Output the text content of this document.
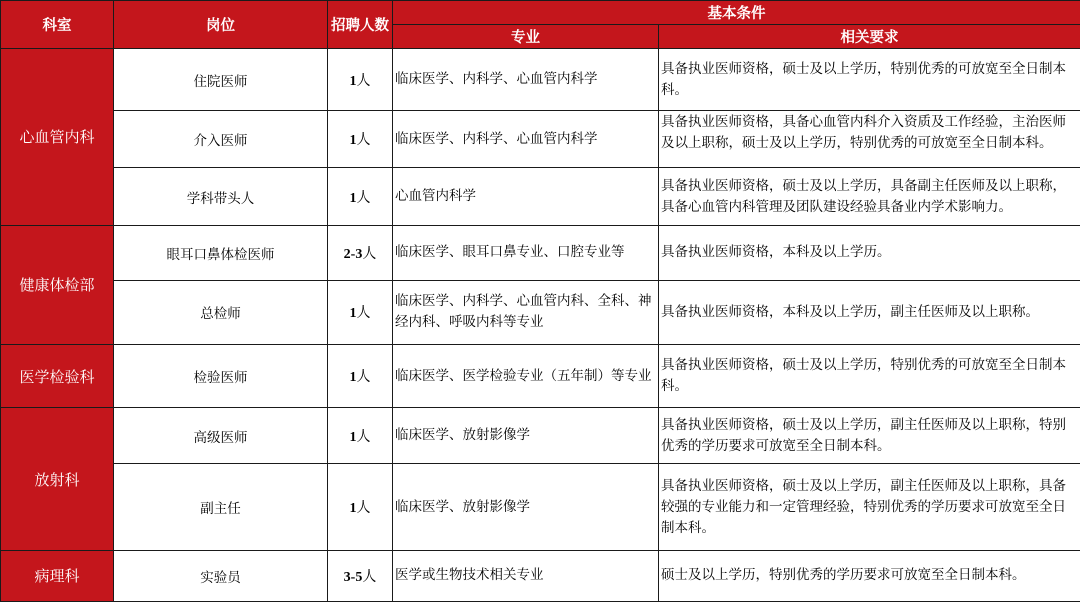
科室	岗位	招聘人数	基本条件	
			专业	相关要求
心血管内科	住院医师	1人	临床医学、内科学、心血管内科学	具备执业医师资格，硕士及以上学历，特别优秀的可放宽至全日制本科。
	介入医师	1人	临床医学、内科学、心血管内科学	具备执业医师资格，具备心血管内科介入资质及工作经验，主治医师及以上职称，硕士及以上学历，特别优秀的可放宽至全日制本科。
	学科带头人	1人	心血管内科学	具备执业医师资格，硕士及以上学历，具备副主任医师及以上职称，具备心血管内科管理及团队建设经验具备业内学术影响力。
健康体检部	眼耳口鼻体检医师	2-3人	临床医学、眼耳口鼻专业、口腔专业等	具备执业医师资格，本科及以上学历。
	总检师	1人	临床医学、内科学、心血管内科、全科、神经内科、呼吸内科等专业	具备执业医师资格，本科及以上学历，副主任医师及以上职称。
医学检验科	检验医师	1人	临床医学、医学检验专业（五年制）等专业	具备执业医师资格，硕士及以上学历，特别优秀的可放宽至全日制本科。
放射科	高级医师	1人	临床医学、放射影像学	具备执业医师资格，硕士及以上学历，副主任医师及以上职称，特别优秀的学历要求可放宽至全日制本科。
	副主任	1人	临床医学、放射影像学	具备执业医师资格，硕士及以上学历，副主任医师及以上职称，具备较强的专业能力和一定管理经验，特别优秀的学历要求可放宽至全日制本科。
病理科	实验员	3-5人	医学或生物技术相关专业	硕士及以上学历，特别优秀的学历要求可放宽至全日制本科。
